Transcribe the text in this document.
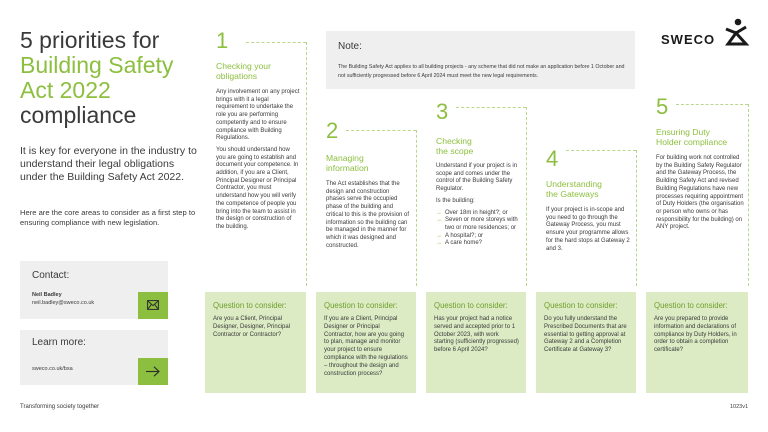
5 priorities for
Building Safety
Act 2022
compliance
It is key for everyone in the industry to understand their legal obligations under the Building Safety Act 2022.
Here are the core areas to consider as a first step to ensuring compliance with new legislation.
Contact:
Neil Badley
neil.badley@sweco.co.uk
Learn more:
sweco.co.uk/bsa
Transforming society together	1023v1
Note:
The Building Safety Act applies to all building projects - any scheme that did not make an application before 1 October and not sufficiently progressed before 6 April 2024 must meet the new legal requirements.
SWECO
1
Checking your
obligations

Any involvement on any project brings with it a legal requirement to undertake the role you are performing competently and to ensure compliance with Building Regulations.

You should understand how you are going to establish and document your competence. In addition, if you are a Client, Principal Designer or Principal Contractor, you must understand how you will verify the competence of people you bring into the team to assist in the design or construction of the building.

2
Managing
information

The Act establishes that the design and construction phases serve the occupied phase of the building and critical to this is the provision of information so the building can be managed in the manner for which it was designed and constructed.

3
Checking
the scope

Understand if your project is in scope and comes under the control of the Building Safety Regulator.

Is the building:

→ Over 18m in height?; or
→ Seven or more storeys with two or more residences; or
→ A hospital?; or
→ A care home?
4
Understanding
the Gateways

If your project is in-scope and you need to go through the Gateway Process, you must ensure your programme allows for the hard stops at Gateway 2 and 3.

5
Ensuring Duty
Holder compliance

For building work not controlled by the Building Safety Regulator and the Gateway Process, the Building Safety Act and revised Building Regulations have new processes requiring appointment of Duty Holders (the organisation or person who owns or has responsibility for the building) on ANY project.

Question to consider:
Are you a Client, Principal Designer, Designer, Principal Contractor or Contractor?
Question to consider:
If you are a Client, Principal Designer or Principal Contractor, how are you going to plan, manage and monitor your project to ensure compliance with the regulations – throughout the design and construction process?
Question to consider:
Has your project had a notice served and accepted prior to 1 October 2023, with work starting (sufficiently progressed) before 6 April 2024?
Question to consider:
Do you fully understand the Prescribed Documents that are essential to getting approval at Gateway 2 and a Completion Certificate at Gateway 3?
Question to consider:
Are you prepared to provide information and declarations of compliance by Duty Holders, in order to obtain a completion certificate?
